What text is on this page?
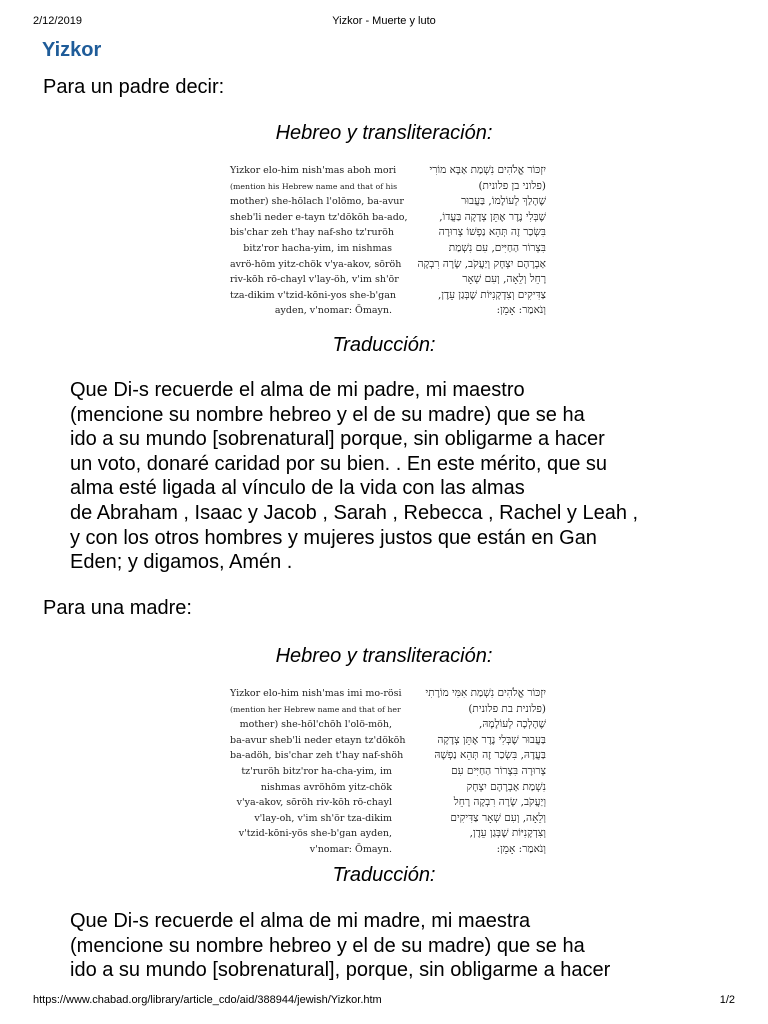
2/12/2019	Yizkor - Muerte y luto
Yizkor
Para un padre decir:
Hebreo y transliteración:
Yizkor elo-him nish'mas aboh mori
(mention his Hebrew name and that of his
mother) she-hōlach l'olōmo, ba-avur
sheb'li neder e-tayn tz'dōkōh ba-ado,
bis'char zeh t'hay naf-sho tz'ruröh
bitz'ror hacha-yim, im nishmas
avrö-hōm yitz-chök v'ya-akov, sōröh
riv-kōh rō-chayl v'lay-öh, v'im sh'ōr
tza-dikim v'tzid-kōni-yos she-b'gan
ayden, v'nomar: Ōmayn.
יִזְכּוֹר אֱלֹהִים נִשְׁמַת אַבָּא מוֹרִי
(פלוני בן פלונית)
שֶׁהָלַךְ לְעוֹלָמוֹ, בַּעֲבוּר
שֶׁבְּלִי נֶדֶר אֶתֵּן צְדָקָה בַּעֲדוֹ,
בִּשְׂכַר זֶה תְּהֵא נַפְשׁוֹ צְרוּרָה
בִּצְרוֹר הַחַיִּים, עִם נִשְׁמַת
אַבְרָהָם יִצְחָק וְיַעֲקֹב, שָׂרָה רִבְקָה
רָחֵל וְלֵאָה, וְעִם שְׁאָר
צַדִּיקִים וְצִדְקָנִיּוֹת שֶׁבְּגַן עֵדֶן,
וְנֹאמַר: אָמֵן:
Traducción:
Que Di-s recuerde el alma de mi padre, mi maestro
(mencione su nombre hebreo y el de su madre) que se ha
ido a su mundo [sobrenatural] porque, sin obligarme a hacer
un voto, donaré caridad por su bien. . En este mérito, que su
alma esté ligada al vínculo de la vida con las almas
de Abraham , Isaac y Jacob , Sarah , Rebecca , Rachel y Leah ,
y con los otros hombres y mujeres justos que están en Gan
Eden; y digamos, Amén .
Para una madre:
Hebreo y transliteración:
Yizkor elo-him nish'mas imi mo-rösi
(mention her Hebrew name and that of her
mother) she-hōl'chōh l'olö-möh,
ba-avur sheb'li neder etayn tz'dökōh
ba-adöh, bis'char zeh t'hay naf-shöh
tz'ruröh bitz'ror ha-cha-yim, im
nishmas avröhōm yitz-chök
v'ya-akov, sōröh riv-kōh rō-chayl
v'lay-oh, v'im sh'ör tza-dikim
v'tzid-kōni-yös she-b'gan ayden,
v'nomar: Ōmayn.
יִזְכּוֹר אֱלֹהִים נִשְׁמַת אִמִּי מוֹרָתִי
(פלונית בת פלונית)
שֶׁהָלְכָה לְעוֹלָמָהּ,
בַּעֲבוּר שֶׁבְּלִי נֶדֶר אֶתֵּן צְדָקָה
בַּעֲדָהּ, בִּשְׂכַר זֶה תְּהֵא נַפְשָׁהּ
צְרוּרָה בִּצְרוֹר הַחַיִּים עִם
נִשְׁמַת אַבְרָהָם יִצְחָק
וְיַעֲקֹב, שָׂרָה רִבְקָה רָחֵל
וְלֵאָה, וְעִם שְׁאָר צַדִּיקִים
וְצִדְקָנִיּוֹת שֶׁבְּגַן עֵדֶן,
וְנֹאמַר: אָמֵן:
Traducción:
Que Di-s recuerde el alma de mi madre, mi maestra
(mencione su nombre hebreo y el de su madre) que se ha
ido a su mundo [sobrenatural], porque, sin obligarme a hacer
https://www.chabad.org/library/article_cdo/aid/388944/jewish/Yizkor.htm	1/2
